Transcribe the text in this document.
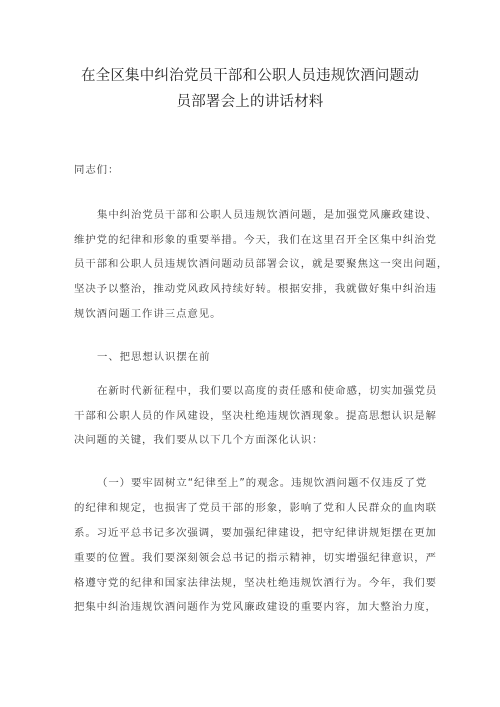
在全区集中纠治党员干部和公职人员违规饮酒问题动
员部署会上的讲话材料
同志们：
集中纠治党员干部和公职人员违规饮酒问题，是加强党风廉政建设、
维护党的纪律和形象的重要举措。今天，我们在这里召开全区集中纠治党
员干部和公职人员违规饮酒问题动员部署会议，就是要聚焦这一突出问题，
坚决予以整治，推动党风政风持续好转。根据安排，我就做好集中纠治违
规饮酒问题工作讲三点意见。
一、把思想认识摆在前
在新时代新征程中，我们要以高度的责任感和使命感，切实加强党员
干部和公职人员的作风建设，坚决杜绝违规饮酒现象。提高思想认识是解
决问题的关键，我们要从以下几个方面深化认识：
（一）要牢固树立“纪律至上”的观念。违规饮酒问题不仅违反了党
的纪律和规定，也损害了党员干部的形象，影响了党和人民群众的血肉联
系。习近平总书记多次强调，要加强纪律建设，把守纪律讲规矩摆在更加
重要的位置。我们要深刻领会总书记的指示精神，切实增强纪律意识，严
格遵守党的纪律和国家法律法规，坚决杜绝违规饮酒行为。今年，我们要
把集中纠治违规饮酒问题作为党风廉政建设的重要内容，加大整治力度，
